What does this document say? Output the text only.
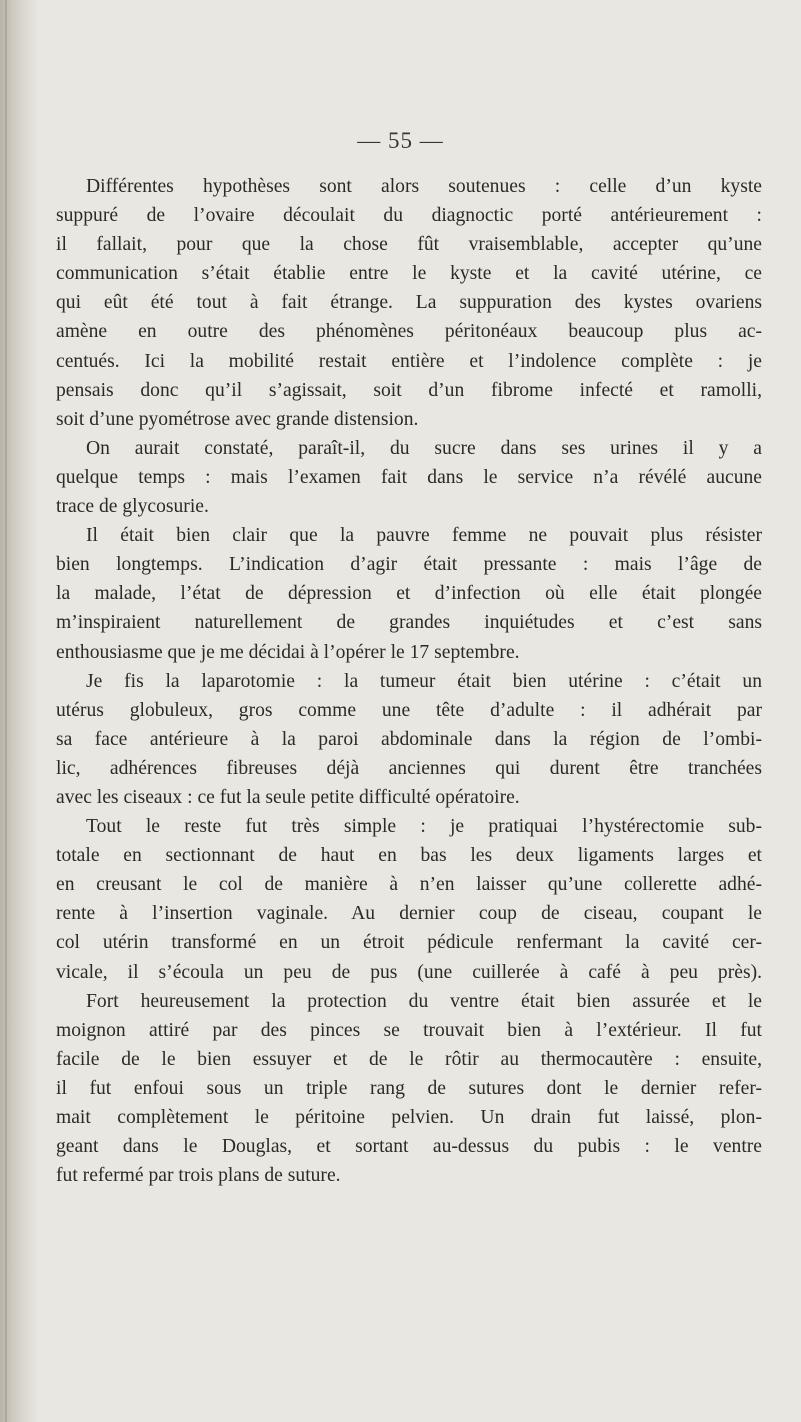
— 55 —
Différentes hypothèses sont alors soutenues : celle d’un kyste
suppuré de l’ovaire découlait du diagnoctic porté antérieurement :
il fallait, pour que la chose fût vraisemblable, accepter qu’une
communication s’était établie entre le kyste et la cavité utérine, ce
qui eût été tout à fait étrange. La suppuration des kystes ovariens
amène en outre des phénomènes péritonéaux beaucoup plus ac-
centués. Ici la mobilité restait entière et l’indolence complète : je
pensais donc qu’il s’agissait, soit d’un fibrome infecté et ramolli,
soit d’une pyométrose avec grande distension.
On aurait constaté, paraît-il, du sucre dans ses urines il y a
quelque temps : mais l’examen fait dans le service n’a révélé aucune
trace de glycosurie.
Il était bien clair que la pauvre femme ne pouvait plus résister
bien longtemps. L’indication d’agir était pressante : mais l’âge de
la malade, l’état de dépression et d’infection où elle était plongée
m’inspiraient naturellement de grandes inquiétudes et c’est sans
enthousiasme que je me décidai à l’opérer le 17 septembre.
Je fis la laparotomie : la tumeur était bien utérine : c’était un
utérus globuleux, gros comme une tête d’adulte : il adhérait par
sa face antérieure à la paroi abdominale dans la région de l’ombi-
lic, adhérences fibreuses déjà anciennes qui durent être tranchées
avec les ciseaux : ce fut la seule petite difficulté opératoire.
Tout le reste fut très simple : je pratiquai l’hystérectomie sub-
totale en sectionnant de haut en bas les deux ligaments larges et
en creusant le col de manière à n’en laisser qu’une collerette adhé-
rente à l’insertion vaginale. Au dernier coup de ciseau, coupant le
col utérin transformé en un étroit pédicule renfermant la cavité cer-
vicale, il s’écoula un peu de pus (une cuillerée à café à peu près).
Fort heureusement la protection du ventre était bien assurée et le
moignon attiré par des pinces se trouvait bien à l’extérieur. Il fut
facile de le bien essuyer et de le rôtir au thermocautère : ensuite,
il fut enfoui sous un triple rang de sutures dont le dernier refer-
mait complètement le péritoine pelvien. Un drain fut laissé, plon-
geant dans le Douglas, et sortant au-dessus du pubis : le ventre
fut refermé par trois plans de suture.
